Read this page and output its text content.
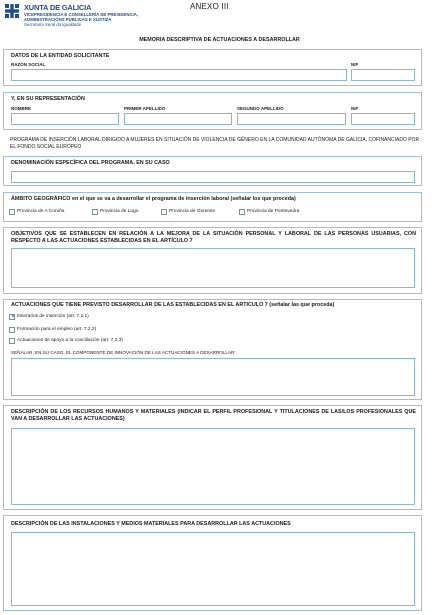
XUNTA DE GALICIA
VICEPRESIDENCIA E CONSELLERÍA DE PRESIDENCIA,
ADMINISTRACIÓNS PÚBLICAS E XUSTIZA
Secretaría Xeral da Igualdade
ANEXO III
MEMORIA DESCRIPTIVA DE ACTUACIONES A DESARROLLAR
DATOS DE LA ENTIDAD SOLICITANTE
RAZÓN SOCIAL	NIF
Y, EN SU REPRESENTACIÓN
NOMBRE	PRIMER APELLIDO	SEGUNDO APELLIDO	NIF
PROGRAMA DE INSERCIÓN LABORAL DIRIGIDO A MUJERES EN SITUACIÓN DE VIOLENCIA DE GÉNERO EN LA COMUNIDAD AUTÓNOMA DE GALICIA, COFINANCIADO POR EL FONDO SOCIAL EUROPEO
DENOMINACIÓN ESPECÍFICA DEL PROGRAMA, EN SU CASO
ÁMBITO GEOGRÁFICO en el que se va a desarrollar el programa de inserción laboral (señalar los que proceda)
Provincia de A Coruña	Provincia de Lugo	Provincia de Ourense	Provincia de Pontevedra
OBJETIVOS QUE SE ESTABLECEN EN RELACIÓN A LA MEJORA DE LA SITUACIÓN PERSONAL Y LABORAL DE LAS PERSONAS USUARIAS, CON RESPECTO A LAS ACTUACIONES ESTABLECIDAS EN EL ARTÍCULO 7
ACTUACIONES QUE TIENE PREVISTO DESARROLLAR DE LAS ESTABLECIDAS EN EL ARTICULO 7 (señalar las que proceda)
× Itinerarios de inserción (art. 7.2.1)
Formación para el empleo (art. 7.2.2)
Actuaciones de apoyo a la conciliación (art. 7.2.3)
SEÑALAR, EN SU CASO, EL COMPONENTE DE INNOVACIÓN DE LAS ACTUACIONES A DESARROLLAR:
DESCRIPCIÓN DE LOS RECURSOS HUMANOS Y MATERIALES (INDICAR EL PERFIL PROFESIONAL Y TITULACIONES DE LAS/LOS PROFESIONALES QUE VAN A DESARROLLAR LAS ACTUACIONES)
DESCRIPCIÓN DE LAS INSTALACIONES Y MEDIOS MATERIALES PARA DESARROLLAR LAS ACTUACIONES
